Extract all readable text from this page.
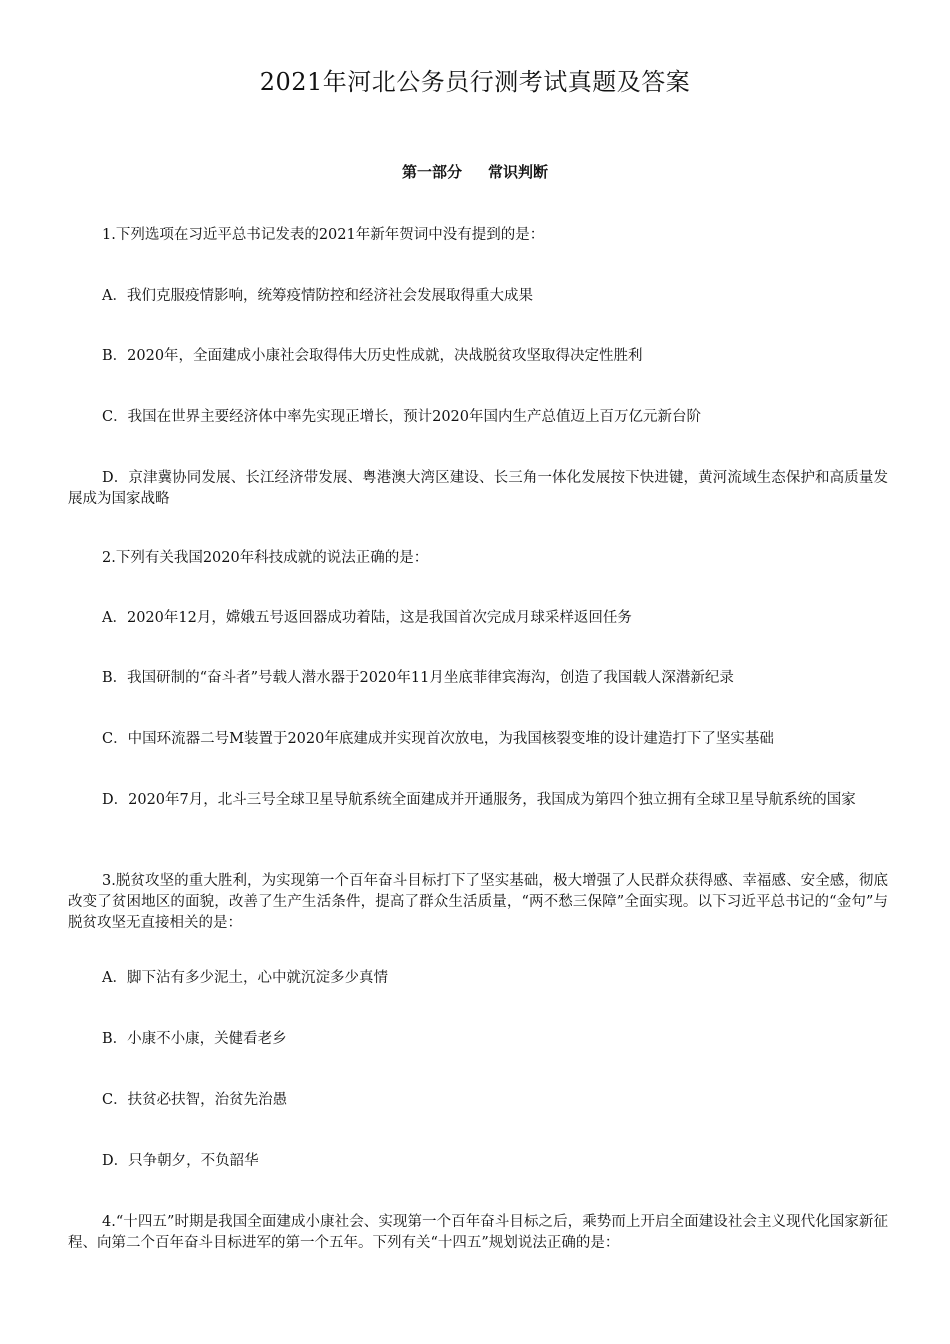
2021年河北公务员行测考试真题及答案
第一部分 常识判断
1.下列选项在习近平总书记发表的2021年新年贺词中没有提到的是：
A．我们克服疫情影响，统筹疫情防控和经济社会发展取得重大成果
B．2020年，全面建成小康社会取得伟大历史性成就，决战脱贫攻坚取得决定性胜利
C．我国在世界主要经济体中率先实现正增长，预计2020年国内生产总值迈上百万亿元新台阶
D．京津冀协同发展、长江经济带发展、粤港澳大湾区建设、长三角一体化发展按下快进键，黄河流域生态保护和高质量发展成为国家战略
2.下列有关我国2020年科技成就的说法正确的是：
A．2020年12月，嫦娥五号返回器成功着陆，这是我国首次完成月球采样返回任务
B．我国研制的“奋斗者”号载人潜水器于2020年11月坐底菲律宾海沟，创造了我国载人深潜新纪录
C．中国环流器二号M装置于2020年底建成并实现首次放电，为我国核裂变堆的设计建造打下了坚实基础
D．2020年7月，北斗三号全球卫星导航系统全面建成并开通服务，我国成为第四个独立拥有全球卫星导航系统的国家
3.脱贫攻坚的重大胜利，为实现第一个百年奋斗目标打下了坚实基础，极大增强了人民群众获得感、幸福感、安全感，彻底改变了贫困地区的面貌，改善了生产生活条件，提高了群众生活质量，“两不愁三保障”全面实现。以下习近平总书记的“金句”与脱贫攻坚无直接相关的是：
A．脚下沾有多少泥土，心中就沉淀多少真情
B．小康不小康，关健看老乡
C．扶贫必扶智，治贫先治愚
D．只争朝夕，不负韶华
4.“十四五”时期是我国全面建成小康社会、实现第一个百年奋斗目标之后，乘势而上开启全面建设社会主义现代化国家新征程、向第二个百年奋斗目标进军的第一个五年。下列有关“十四五”规划说法正确的是：
